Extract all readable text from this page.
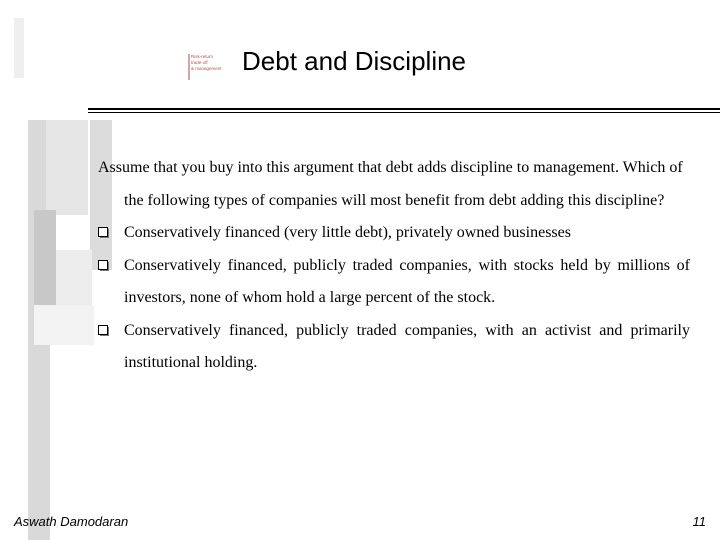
Risk-return
trade-off
& management Debt and Discipline

Assume that you buy into this argument that debt adds discipline to management. Which of the following types of companies will most benefit from debt adding this discipline?

Conservatively financed (very little debt), privately owned businesses
Conservatively financed, publicly traded companies, with stocks held by millions of investors, none of whom hold a large percent of the stock.
Conservatively financed, publicly traded companies, with an activist and primarily institutional holding.
Aswath Damodaran	11
